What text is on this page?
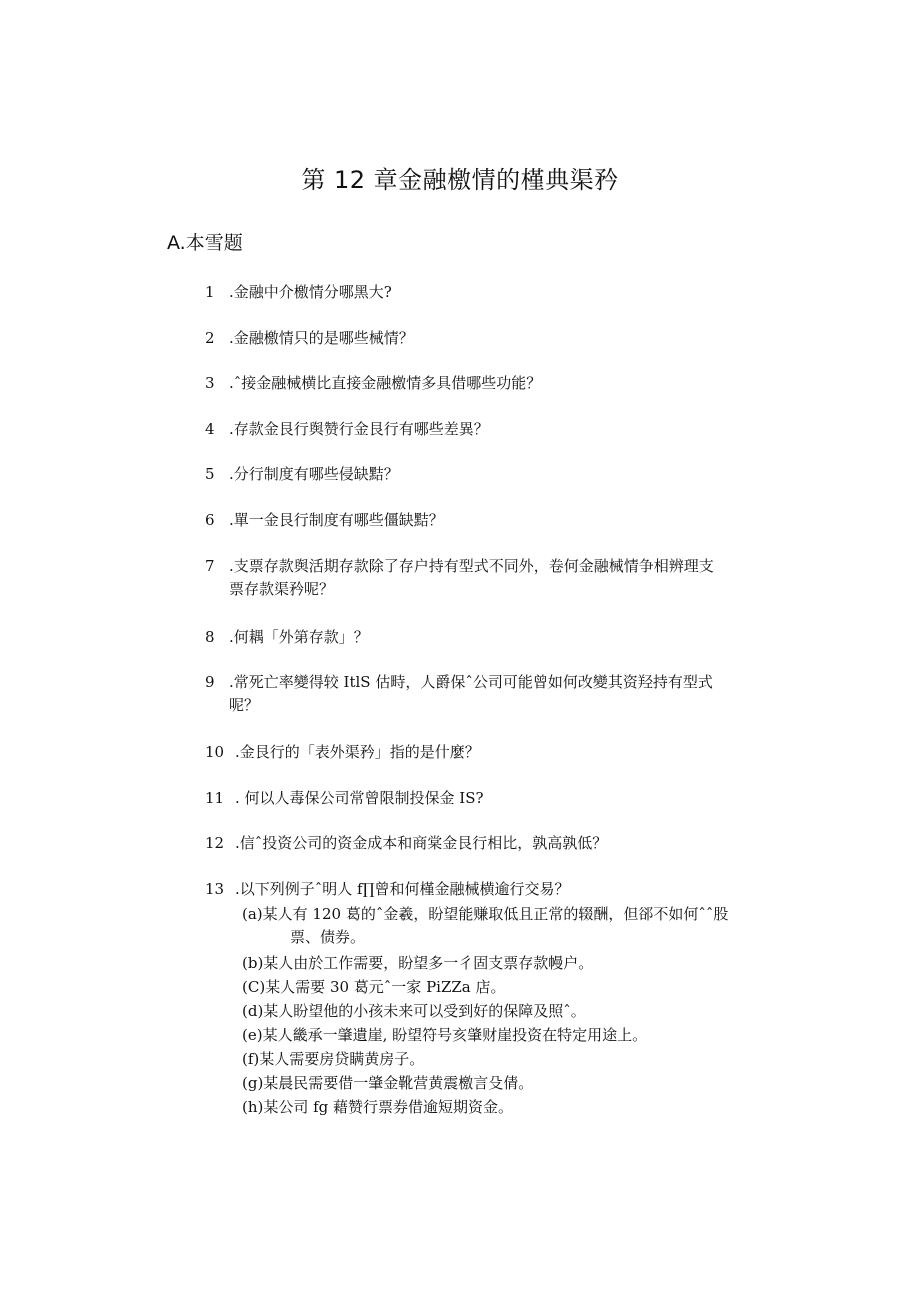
第 12 章金融檄情的槿典渠矜
A.本雪题
1 .金融中介檄情分哪黑大?
2 .金融檄情只的是哪些械情？
3 .ˆ接金融械横比直接金融檄情多具借哪些功能？
4 .存款金艮行舆赞行金艮行有哪些差異？
5 .分行制度有哪些侵缺黠？
6 .單一金艮行制度有哪些僵缺黠？
7 .支票存款舆活期存款除了存户持有型式不同外，卷何金融械情争相辨理支
票存款渠矜呢？
8 .何耦「外第存款」？
9 .常死亡率變得较 ItlS 估畤，人爵保ˆ公司可能曾如何改變其资羟持有型式
呢？
10 .金艮行的「表外渠矜」指的是什麼？
11 . 何以人毒保公司常曾限制投保金 IS?
12 .信ˆ投资公司的资金成本和商棠金艮行相比，孰高孰低？
13 .以下列例子ˆ明人 f∏曾和何槿金融械横逾行交易？
(a)某人有 120 葛的ˆ金羲，盼望能赚取低且正常的辍酬，但郤不如何ˆˆ股
票、债券。
(b)某人由於工作需要，盼望多一彳固支票存款幔户。
(C)某人需要 30 葛元ˆ一家 PiZZa 店。
(d)某人盼望他的小孩未来可以受到好的保障及照ˆ。
(e)某人畿承一肇遺崖, 盼望符号亥肇财崖投资在特定用途上。
(f)某人需要房贷瞒黄房子。
(g)某晨民需要借一肇金靴营黄震檄言殳倩。
(h)某公司 fg 藉赞行票券借逾短期资金。
